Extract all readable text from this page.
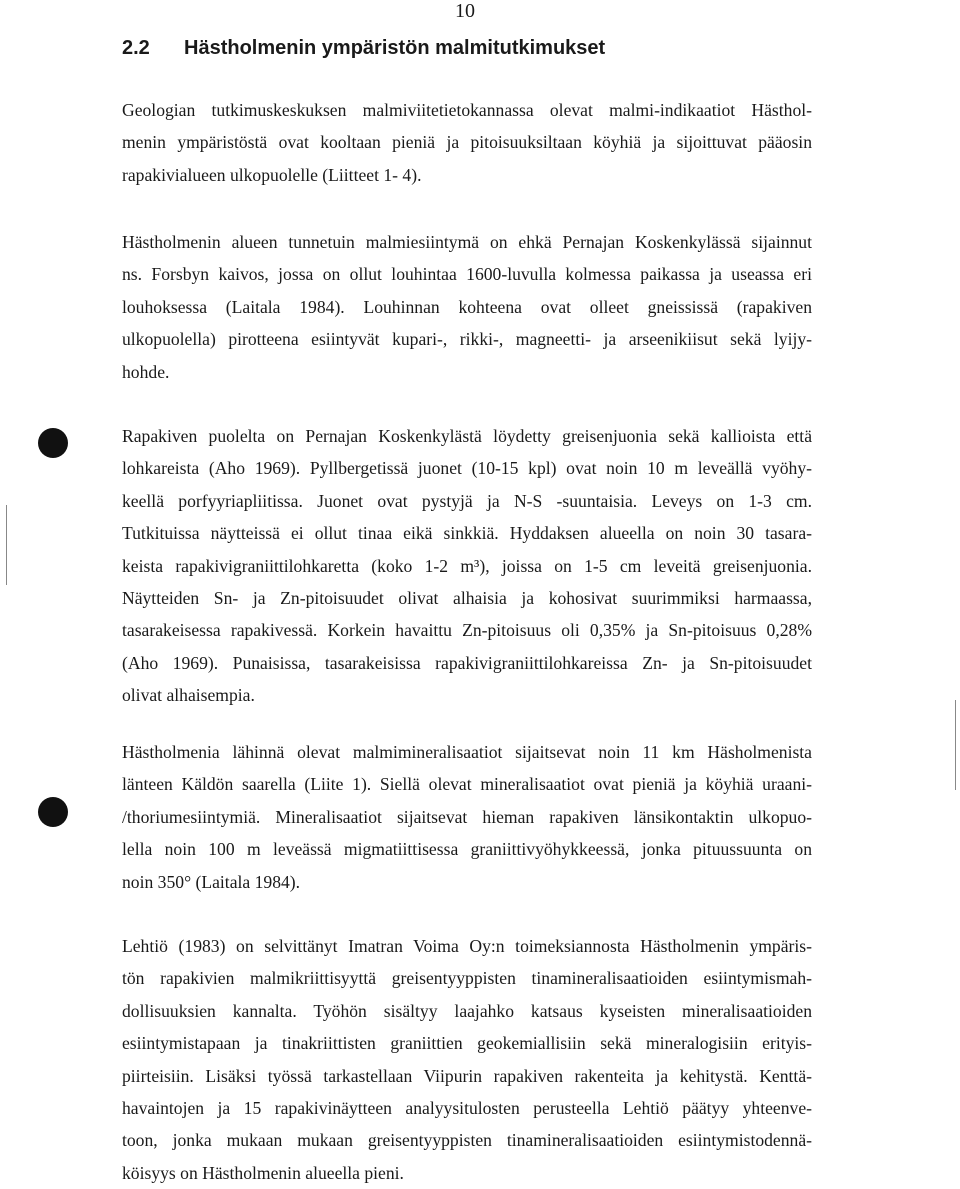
10
2.2 Hästholmenin ympäristön malmitutkimukset
Geologian tutkimuskeskuksen malmiviitetietokannassa olevat malmi-indikaatiot Hästhol-
menin ympäristöstä ovat kooltaan pieniä ja pitoisuuksiltaan köyhiä ja sijoittuvat pääosin
rapakivialueen ulkopuolelle (Liitteet 1- 4).
Hästholmenin alueen tunnetuin malmiesiintymä on ehkä Pernajan Koskenkylässä sijainnut
ns. Forsbyn kaivos, jossa on ollut louhintaa 1600-luvulla kolmessa paikassa ja useassa eri
louhoksessa (Laitala 1984). Louhinnan kohteena ovat olleet gneississä (rapakiven
ulkopuolella) pirotteena esiintyvät kupari-, rikki-, magneetti- ja arseenikiisut sekä lyijy-
hohde.
Rapakiven puolelta on Pernajan Koskenkylästä löydetty greisenjuonia sekä kallioista että
lohkareista (Aho 1969). Pyllbergetissä juonet (10-15 kpl) ovat noin 10 m leveällä vyöhy-
keellä porfyyriapliitissa. Juonet ovat pystyjä ja N-S -suuntaisia. Leveys on 1-3 cm.
Tutkituissa näytteissä ei ollut tinaa eikä sinkkiä. Hyddaksen alueella on noin 30 tasara-
keista rapakivigraniittilohkaretta (koko 1-2 m³), joissa on 1-5 cm leveitä greisenjuonia.
Näytteiden Sn- ja Zn-pitoisuudet olivat alhaisia ja kohosivat suurimmiksi harmaassa,
tasarakeisessa rapakivessä. Korkein havaittu Zn-pitoisuus oli 0,35% ja Sn-pitoisuus 0,28%
(Aho 1969). Punaisissa, tasarakeisissa rapakivigraniittilohkareissa Zn- ja Sn-pitoisuudet
olivat alhaisempia.
Hästholmenia lähinnä olevat malmimineralisaatiot sijaitsevat noin 11 km Häsholmenista
länteen Käldön saarella (Liite 1). Siellä olevat mineralisaatiot ovat pieniä ja köyhiä uraani-
/thoriumesiintymiä. Mineralisaatiot sijaitsevat hieman rapakiven länsikontaktin ulkopuo-
lella noin 100 m leveässä migmatiittisessa graniittivyöhykkeessä, jonka pituussuunta on
noin 350° (Laitala 1984).
Lehtiö (1983) on selvittänyt Imatran Voima Oy:n toimeksiannosta Hästholmenin ympäris-
tön rapakivien malmikriittisyyttä greisentyyppisten tinamineralisaatioiden esiintymismah-
dollisuuksien kannalta. Työhön sisältyy laajahko katsaus kyseisten mineralisaatioiden
esiintymistapaan ja tinakriittisten graniittien geokemiallisiin sekä mineralogisiin erityis-
piirteisiin. Lisäksi työssä tarkastellaan Viipurin rapakiven rakenteita ja kehitystä. Kenttä-
havaintojen ja 15 rapakivinäytteen analyysitulosten perusteella Lehtiö päätyy yhteenve-
toon, jonka mukaan mukaan greisentyyppisten tinamineralisaatioiden esiintymistodennä-
köisyys on Hästholmenin alueella pieni.
